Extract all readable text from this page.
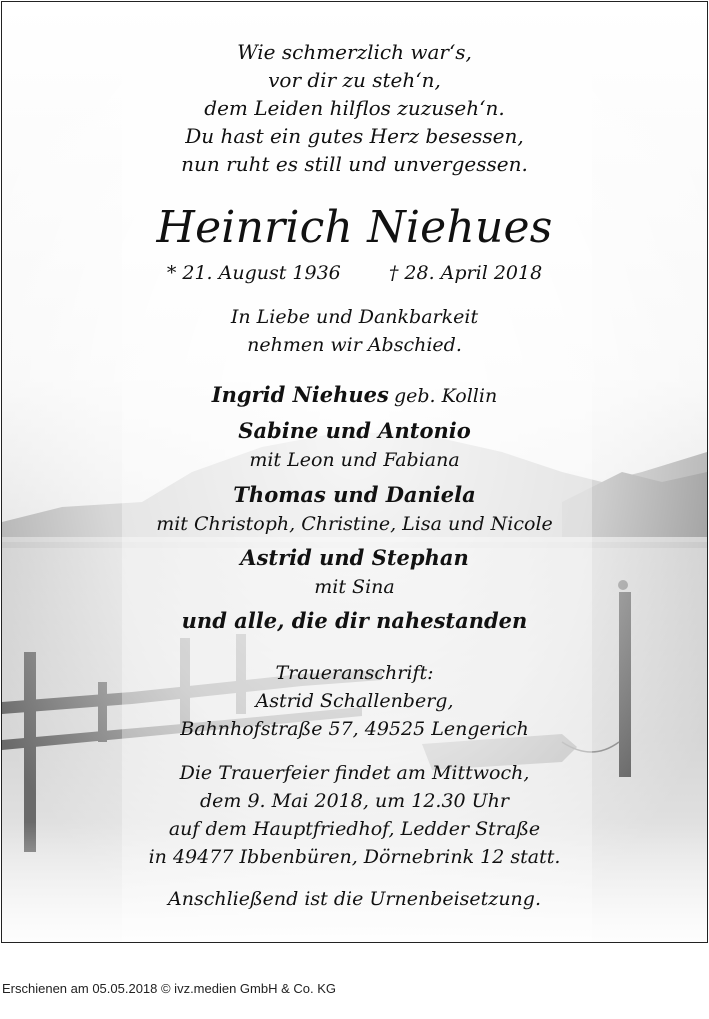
Wie schmerzlich war‘s,
vor dir zu steh‘n,
dem Leiden hilflos zuzuseh‘n.
Du hast ein gutes Herz besessen,
nun ruht es still und unvergessen.
Heinrich Niehues
* 21. August 1936	† 28. April 2018
In Liebe und Dankbarkeit
nehmen wir Abschied.
Ingrid Niehues geb. Kollin
Sabine und Antonio
mit Leon und Fabiana
Thomas und Daniela
mit Christoph, Christine, Lisa und Nicole
Astrid und Stephan
mit Sina
und alle, die dir nahestanden
Traueranschrift:
Astrid Schallenberg,
Bahnhofstraße 57, 49525 Lengerich
Die Trauerfeier findet am Mittwoch,
dem 9. Mai 2018, um 12.30 Uhr
auf dem Hauptfriedhof, Ledder Straße
in 49477 Ibbenbüren, Dörnebrink 12 statt.
Anschließend ist die Urnenbeisetzung.
Erschienen am 05.05.2018 © ivz.medien GmbH & Co. KG
